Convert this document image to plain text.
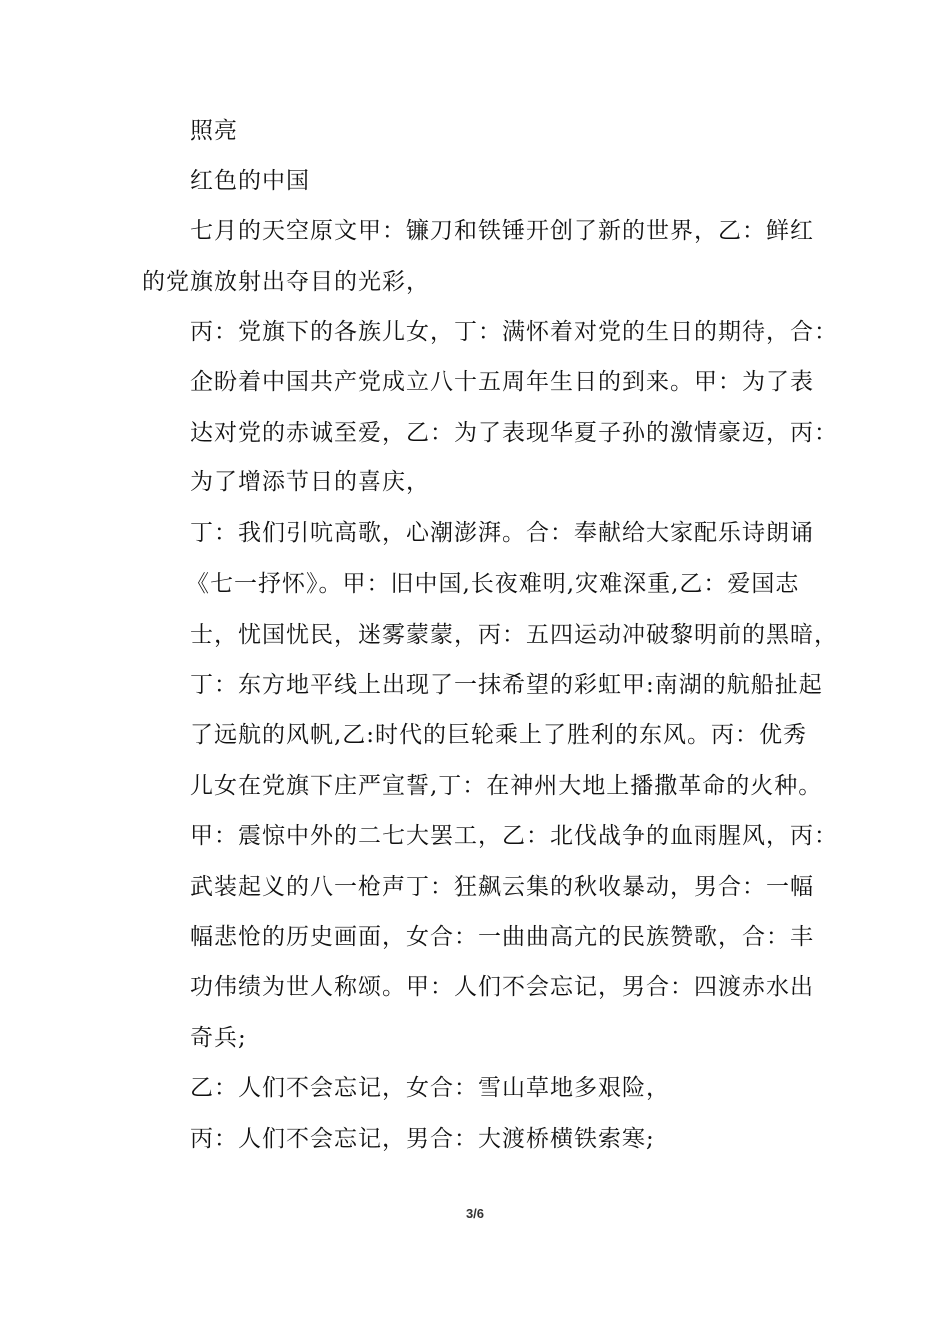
照亮
红色的中国
七月的天空原文甲：镰刀和铁锤开创了新的世界，乙：鲜红
的党旗放射出夺目的光彩，
丙：党旗下的各族儿女，丁：满怀着对党的生日的期待，合：
企盼着中国共产党成立八十五周年生日的到来。甲：为了表
达对党的赤诚至爱，乙：为了表现华夏子孙的激情豪迈，丙：
为了增添节日的喜庆，
丁：我们引吭高歌，心潮澎湃。合：奉献给大家配乐诗朗诵
《七一抒怀》。甲：旧中国,长夜难明,灾难深重,乙：爱国志
士，忧国忧民，迷雾蒙蒙，丙：五四运动冲破黎明前的黑暗，
丁：东方地平线上出现了一抹希望的彩虹甲:南湖的航船扯起
了远航的风帆,乙:时代的巨轮乘上了胜利的东风。丙：优秀
儿女在党旗下庄严宣誓,丁：在神州大地上播撒革命的火种。
甲：震惊中外的二七大罢工，乙：北伐战争的血雨腥风，丙：
武装起义的八一枪声丁：狂飙云集的秋收暴动，男合：一幅
幅悲怆的历史画面，女合：一曲曲高亢的民族赞歌，合：丰
功伟绩为世人称颂。甲：人们不会忘记，男合：四渡赤水出
奇兵;
乙：人们不会忘记，女合：雪山草地多艰险，
丙：人们不会忘记，男合：大渡桥横铁索寒;
3/6
